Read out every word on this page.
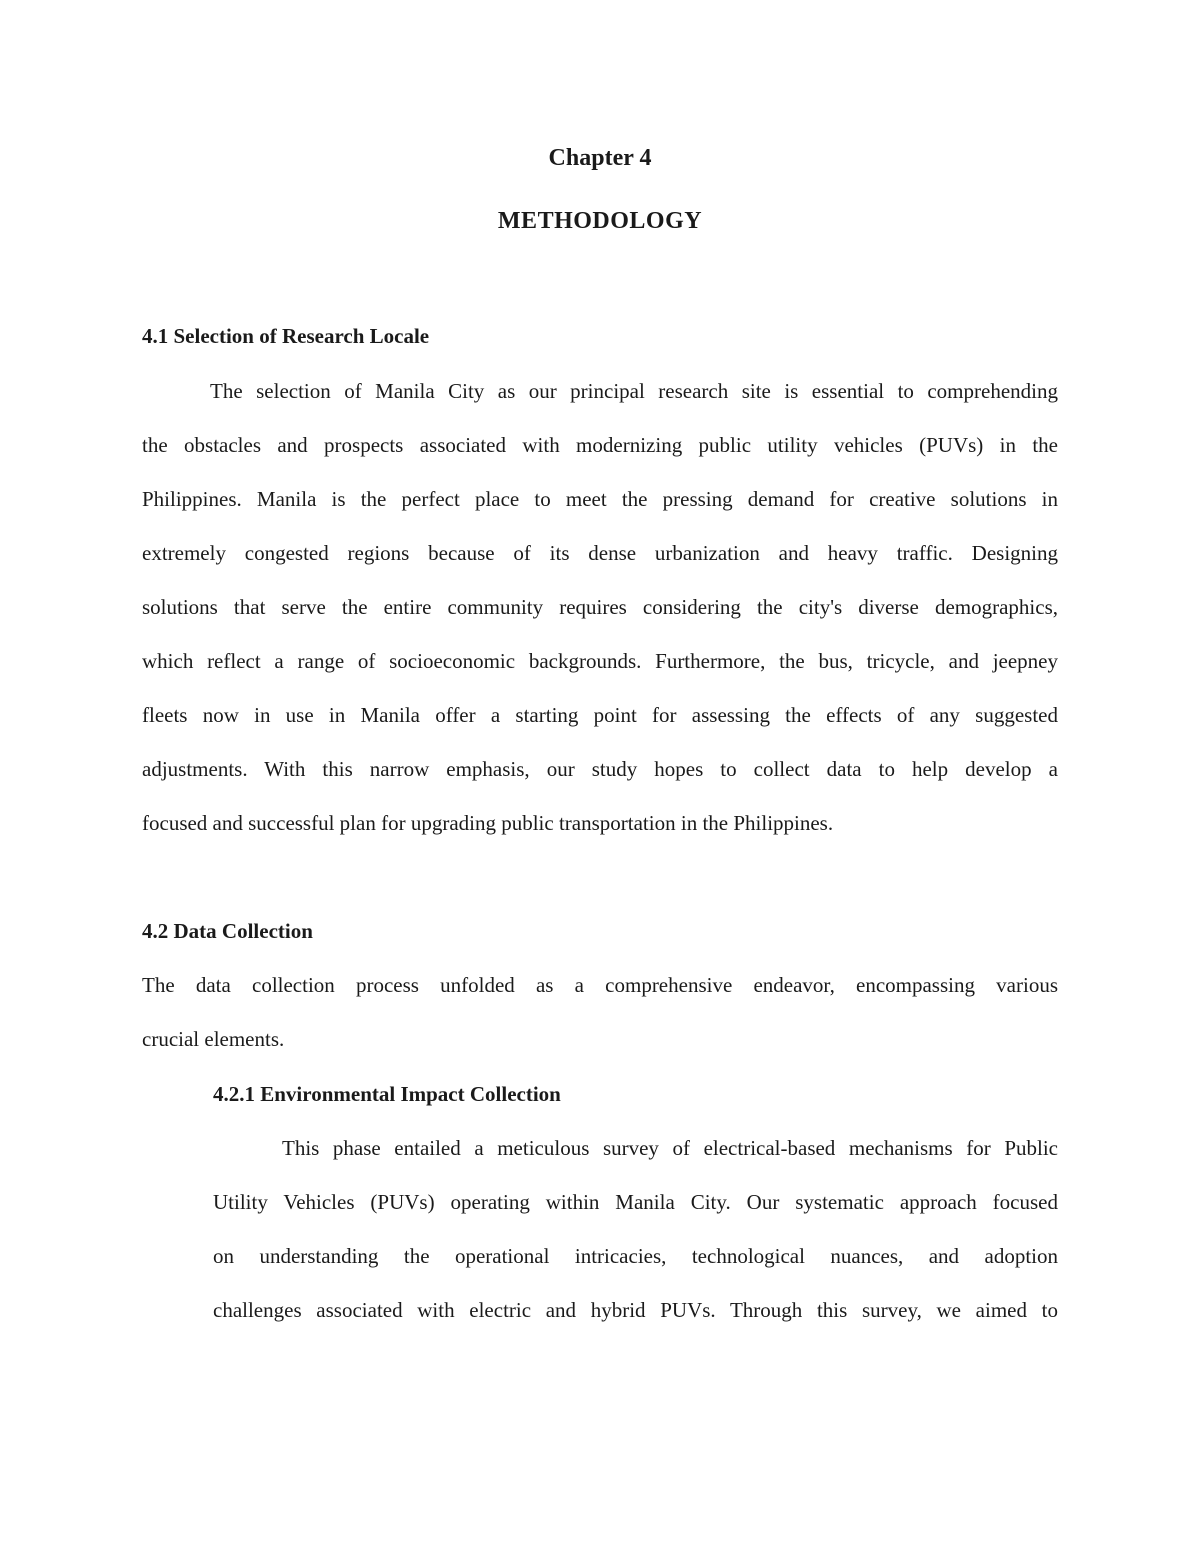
Chapter 4
METHODOLOGY
4.1 Selection of Research Locale

The selection of Manila City as our principal research site is essential to comprehending

the obstacles and prospects associated with modernizing public utility vehicles (PUVs) in the

Philippines. Manila is the perfect place to meet the pressing demand for creative solutions in

extremely congested regions because of its dense urbanization and heavy traffic. Designing

solutions that serve the entire community requires considering the city's diverse demographics,

which reflect a range of socioeconomic backgrounds. Furthermore, the bus, tricycle, and jeepney

fleets now in use in Manila offer a starting point for assessing the effects of any suggested

adjustments. With this narrow emphasis, our study hopes to collect data to help develop a

focused and successful plan for upgrading public transportation in the Philippines.

4.2 Data Collection

The data collection process unfolded as a comprehensive endeavor, encompassing various

crucial elements.

4.2.1 Environmental Impact Collection

This phase entailed a meticulous survey of electrical-based mechanisms for Public

Utility Vehicles (PUVs) operating within Manila City. Our systematic approach focused

on understanding the operational intricacies, technological nuances, and adoption

challenges associated with electric and hybrid PUVs. Through this survey, we aimed to
